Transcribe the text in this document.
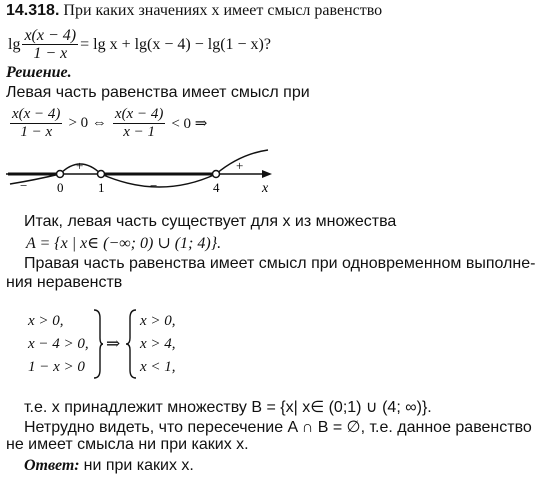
14.318. При каких значениях x имеет смысл равенство
$\lg \frac{x(x - 4)}{1 - x} = \lg x + \lg(x - 4) - \lg(1 - x)$?
Решение.
Левая часть равенства имеет смысл при
$\frac{x(x - 4)}{1 - x} > 0$ ⇔ $\frac{x(x - 4)}{x - 1} < 0$ ⇒
0	1	4	x
−
+
−
+
Итак, левая часть существует для x из множества
A = {x | x∈ (−∞; 0) ∪ (1; 4)}.
Правая часть равенства имеет смысл при одновременном выполне-
ния неравенств
x > 0,
x − 4 > 0,
1 − x > 0
⇒
x > 0,
x > 4,
x < 1,
т.е. x принадлежит множеству B = {x| x∈ (0;1) ∪ (4; ∞)}.
Нетрудно видеть, что пересечение A ∩ B = ∅, т.е. данное равенство
не имеет смысла ни при каких x.
Ответ: ни при каких x.
